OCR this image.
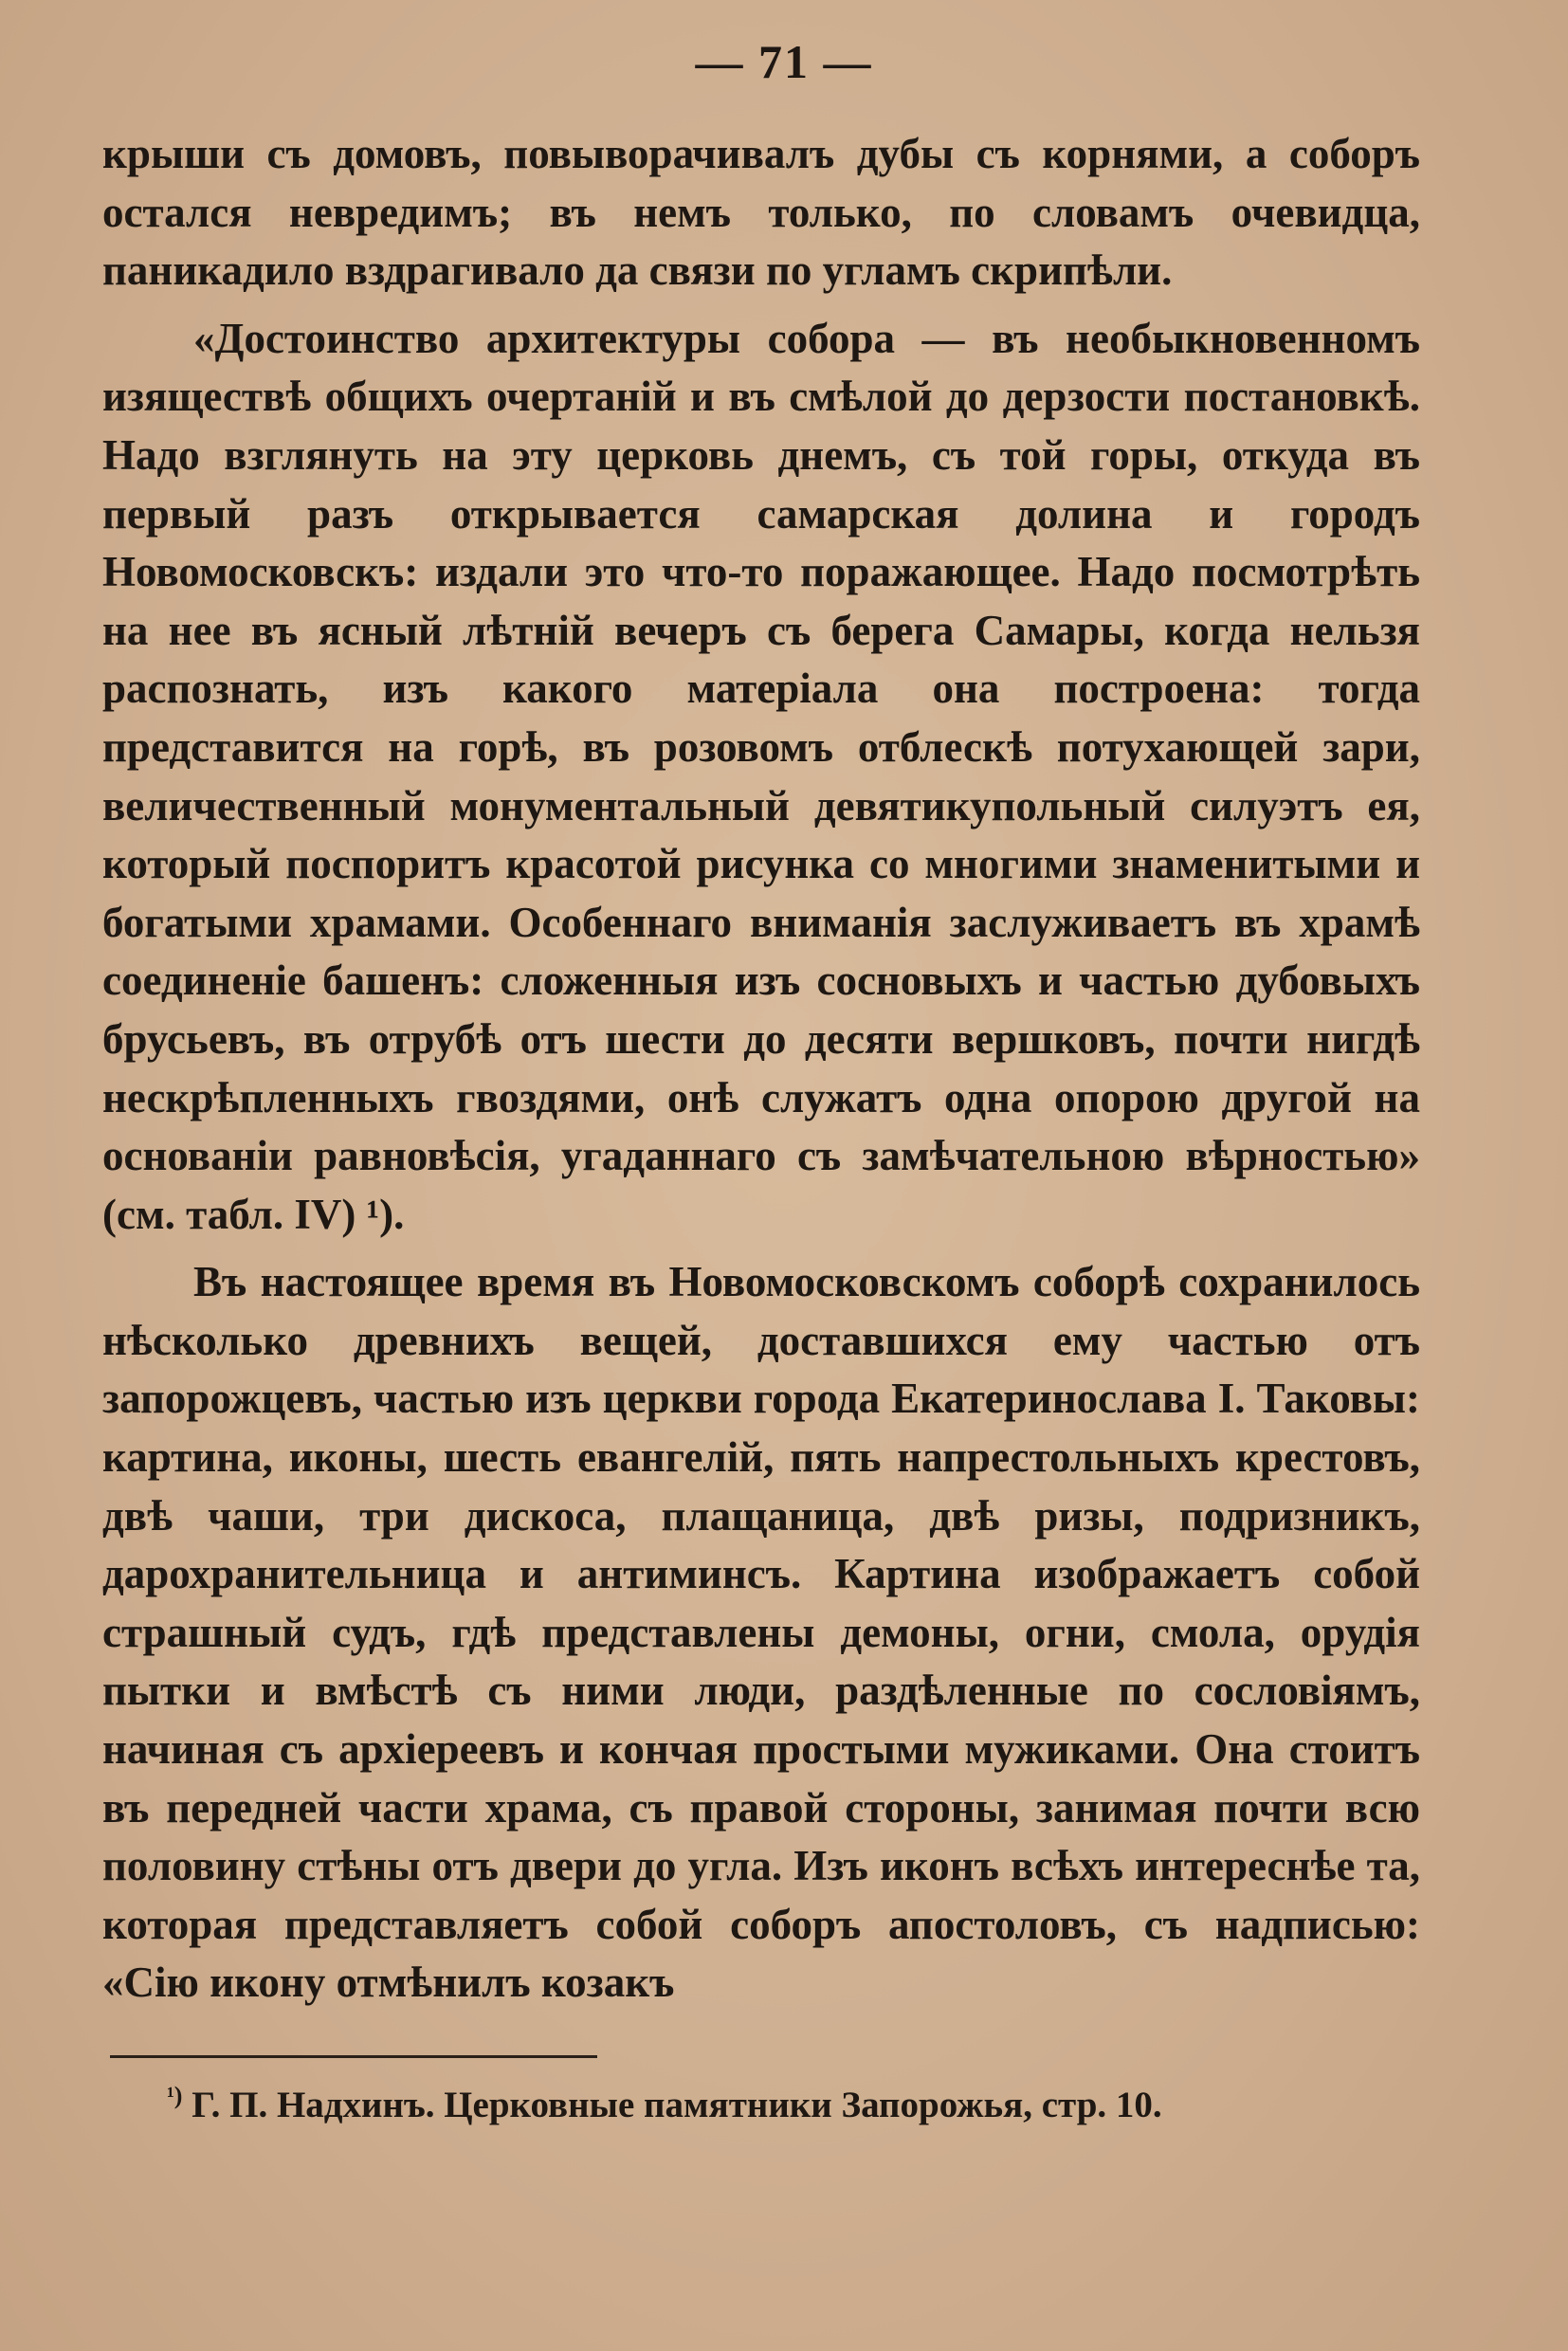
— 71 —

крыши съ домовъ, повыворачивалъ дубы съ корнями, а соборъ остался невредимъ; въ немъ только, по словамъ очевидца, паникадило вздрагивало да связи по угламъ скрипѣли.

«Достоинство архитектуры собора — въ необыкновенномъ изяществѣ общихъ очертаній и въ смѣлой до дерзости постановкѣ. Надо взглянуть на эту церковь днемъ, съ той горы, откуда въ первый разъ открывается самарская долина и городъ Новомосковскъ: издали это что-то поражающее. Надо посмотрѣть на нее въ ясный лѣтній вечеръ съ берега Самары, когда нельзя распознать, изъ какого матеріала она построена: тогда представится на горѣ, въ розовомъ отблескѣ потухающей зари, величественный монументальный девятикупольный силуэтъ ея, который поспоритъ красотой рисунка со многими знаменитыми и богатыми храмами. Особеннаго вниманія заслуживаетъ въ храмѣ соединеніе башенъ: сложенныя изъ сосновыхъ и частью дубовыхъ брусьевъ, въ отрубѣ отъ шести до десяти вершковъ, почти нигдѣ нескрѣпленныхъ гвоздями, онѣ служатъ одна опорою другой на основаніи равновѣсія, угаданнаго съ замѣчательною вѣрностью» (см. табл. IV) ¹).

Въ настоящее время въ Новомосковскомъ соборѣ сохранилось нѣсколько древнихъ вещей, доставшихся ему частью отъ запорожцевъ, частью изъ церкви города Екатеринослава I. Таковы: картина, иконы, шесть евангелій, пять напрестольныхъ крестовъ, двѣ чаши, три дискоса, плащаница, двѣ ризы, подризникъ, дарохранительница и антиминсъ. Картина изображаетъ собой страшный судъ, гдѣ представлены демоны, огни, смола, орудія пытки и вмѣстѣ съ ними люди, раздѣленные по сословіямъ, начиная съ архіереевъ и кончая простыми мужиками. Она стоитъ въ передней части храма, съ правой стороны, занимая почти всю половину стѣны отъ двери до угла. Изъ иконъ всѣхъ интереснѣе та, которая представляетъ собой соборъ апостоловъ, съ надписью: «Сію икону отмѣнилъ козакъ

$^{^1)}$ Г. П. Надхинъ. Церковные памятники Запорожья, стр. 10.
